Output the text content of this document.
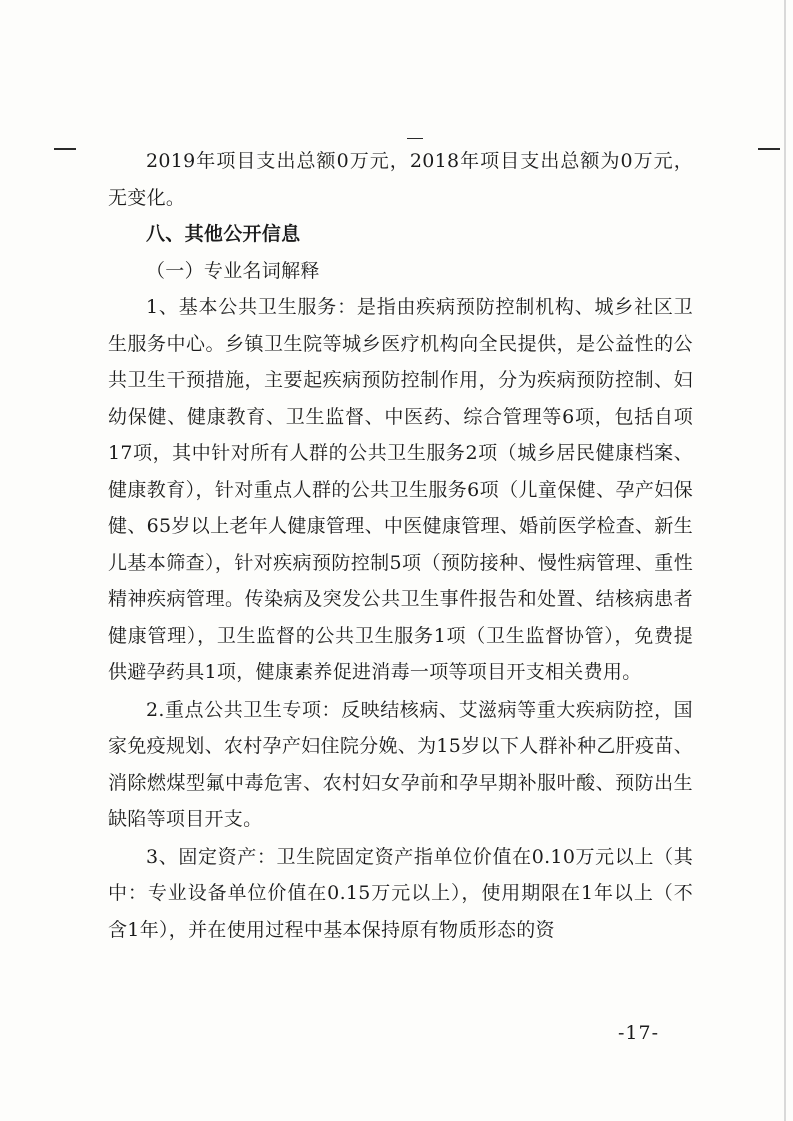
2019年项目支出总额0万元，2018年项目支出总额为0万元，无变化。

八、其他公开信息

（一）专业名词解释

1、基本公共卫生服务：是指由疾病预防控制机构、城乡社区卫生服务中心。乡镇卫生院等城乡医疗机构向全民提供，是公益性的公共卫生干预措施，主要起疾病预防控制作用，分为疾病预防控制、妇幼保健、健康教育、卫生监督、中医药、综合管理等6项，包括自项17项，其中针对所有人群的公共卫生服务2项（城乡居民健康档案、健康教育），针对重点人群的公共卫生服务6项（儿童保健、孕产妇保健、65岁以上老年人健康管理、中医健康管理、婚前医学检查、新生儿基本筛查），针对疾病预防控制5项（预防接种、慢性病管理、重性精神疾病管理。传染病及突发公共卫生事件报告和处置、结核病患者健康管理），卫生监督的公共卫生服务1项（卫生监督协管），免费提供避孕药具1项，健康素养促进消毒一项等项目开支相关费用。

2.重点公共卫生专项：反映结核病、艾滋病等重大疾病防控，国家免疫规划、农村孕产妇住院分娩、为15岁以下人群补种乙肝疫苗、消除燃煤型氟中毒危害、农村妇女孕前和孕早期补服叶酸、预防出生缺陷等项目开支。

3、固定资产：卫生院固定资产指单位价值在0.10万元以上（其中：专业设备单位价值在0.15万元以上），使用期限在1年以上（不含1年），并在使用过程中基本保持原有物质形态的资

-17-
